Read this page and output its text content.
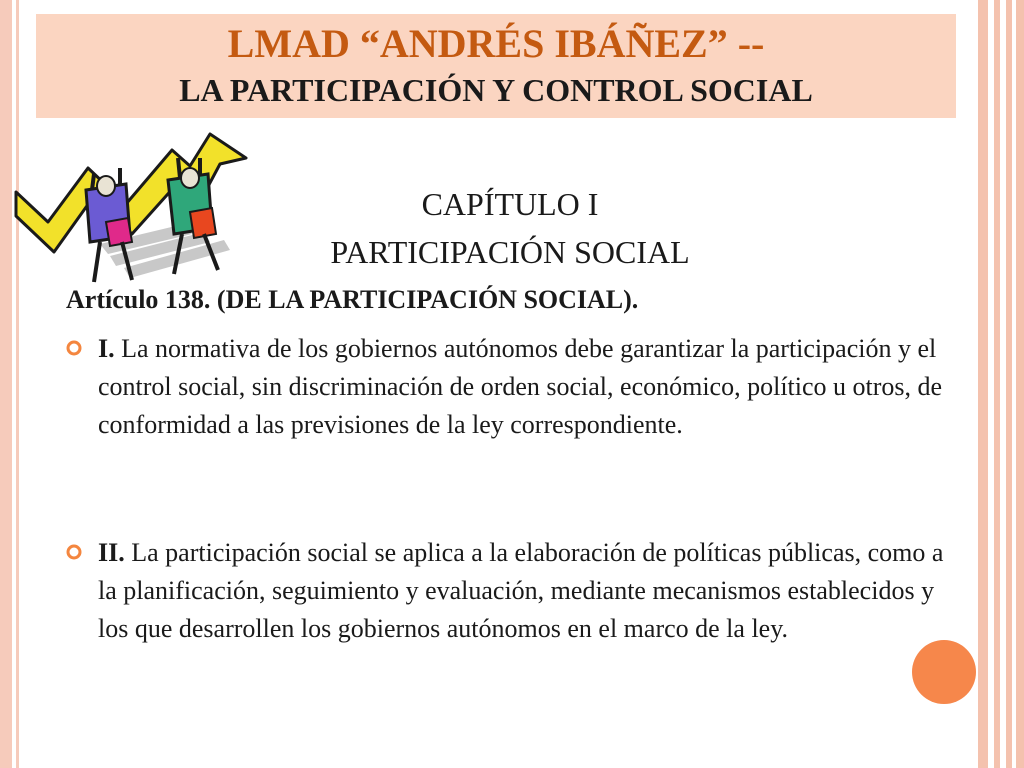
LMAD “ANDRÉS IBÁÑEZ” --
LA PARTICIPACIÓN Y CONTROL SOCIAL
CAPÍTULO I
PARTICIPACIÓN SOCIAL
Artículo 138. (DE LA PARTICIPACIÓN SOCIAL).
I. La normativa de los gobiernos autónomos debe garantizar la participación y el control social, sin discriminación de orden social, económico, político u otros, de conformidad a las previsiones de la ley correspondiente.
II. La participación social se aplica a la elaboración de políticas públicas, como a la planificación, seguimiento y evaluación, mediante mecanismos establecidos y los que desarrollen los gobiernos autónomos en el marco de la ley.
